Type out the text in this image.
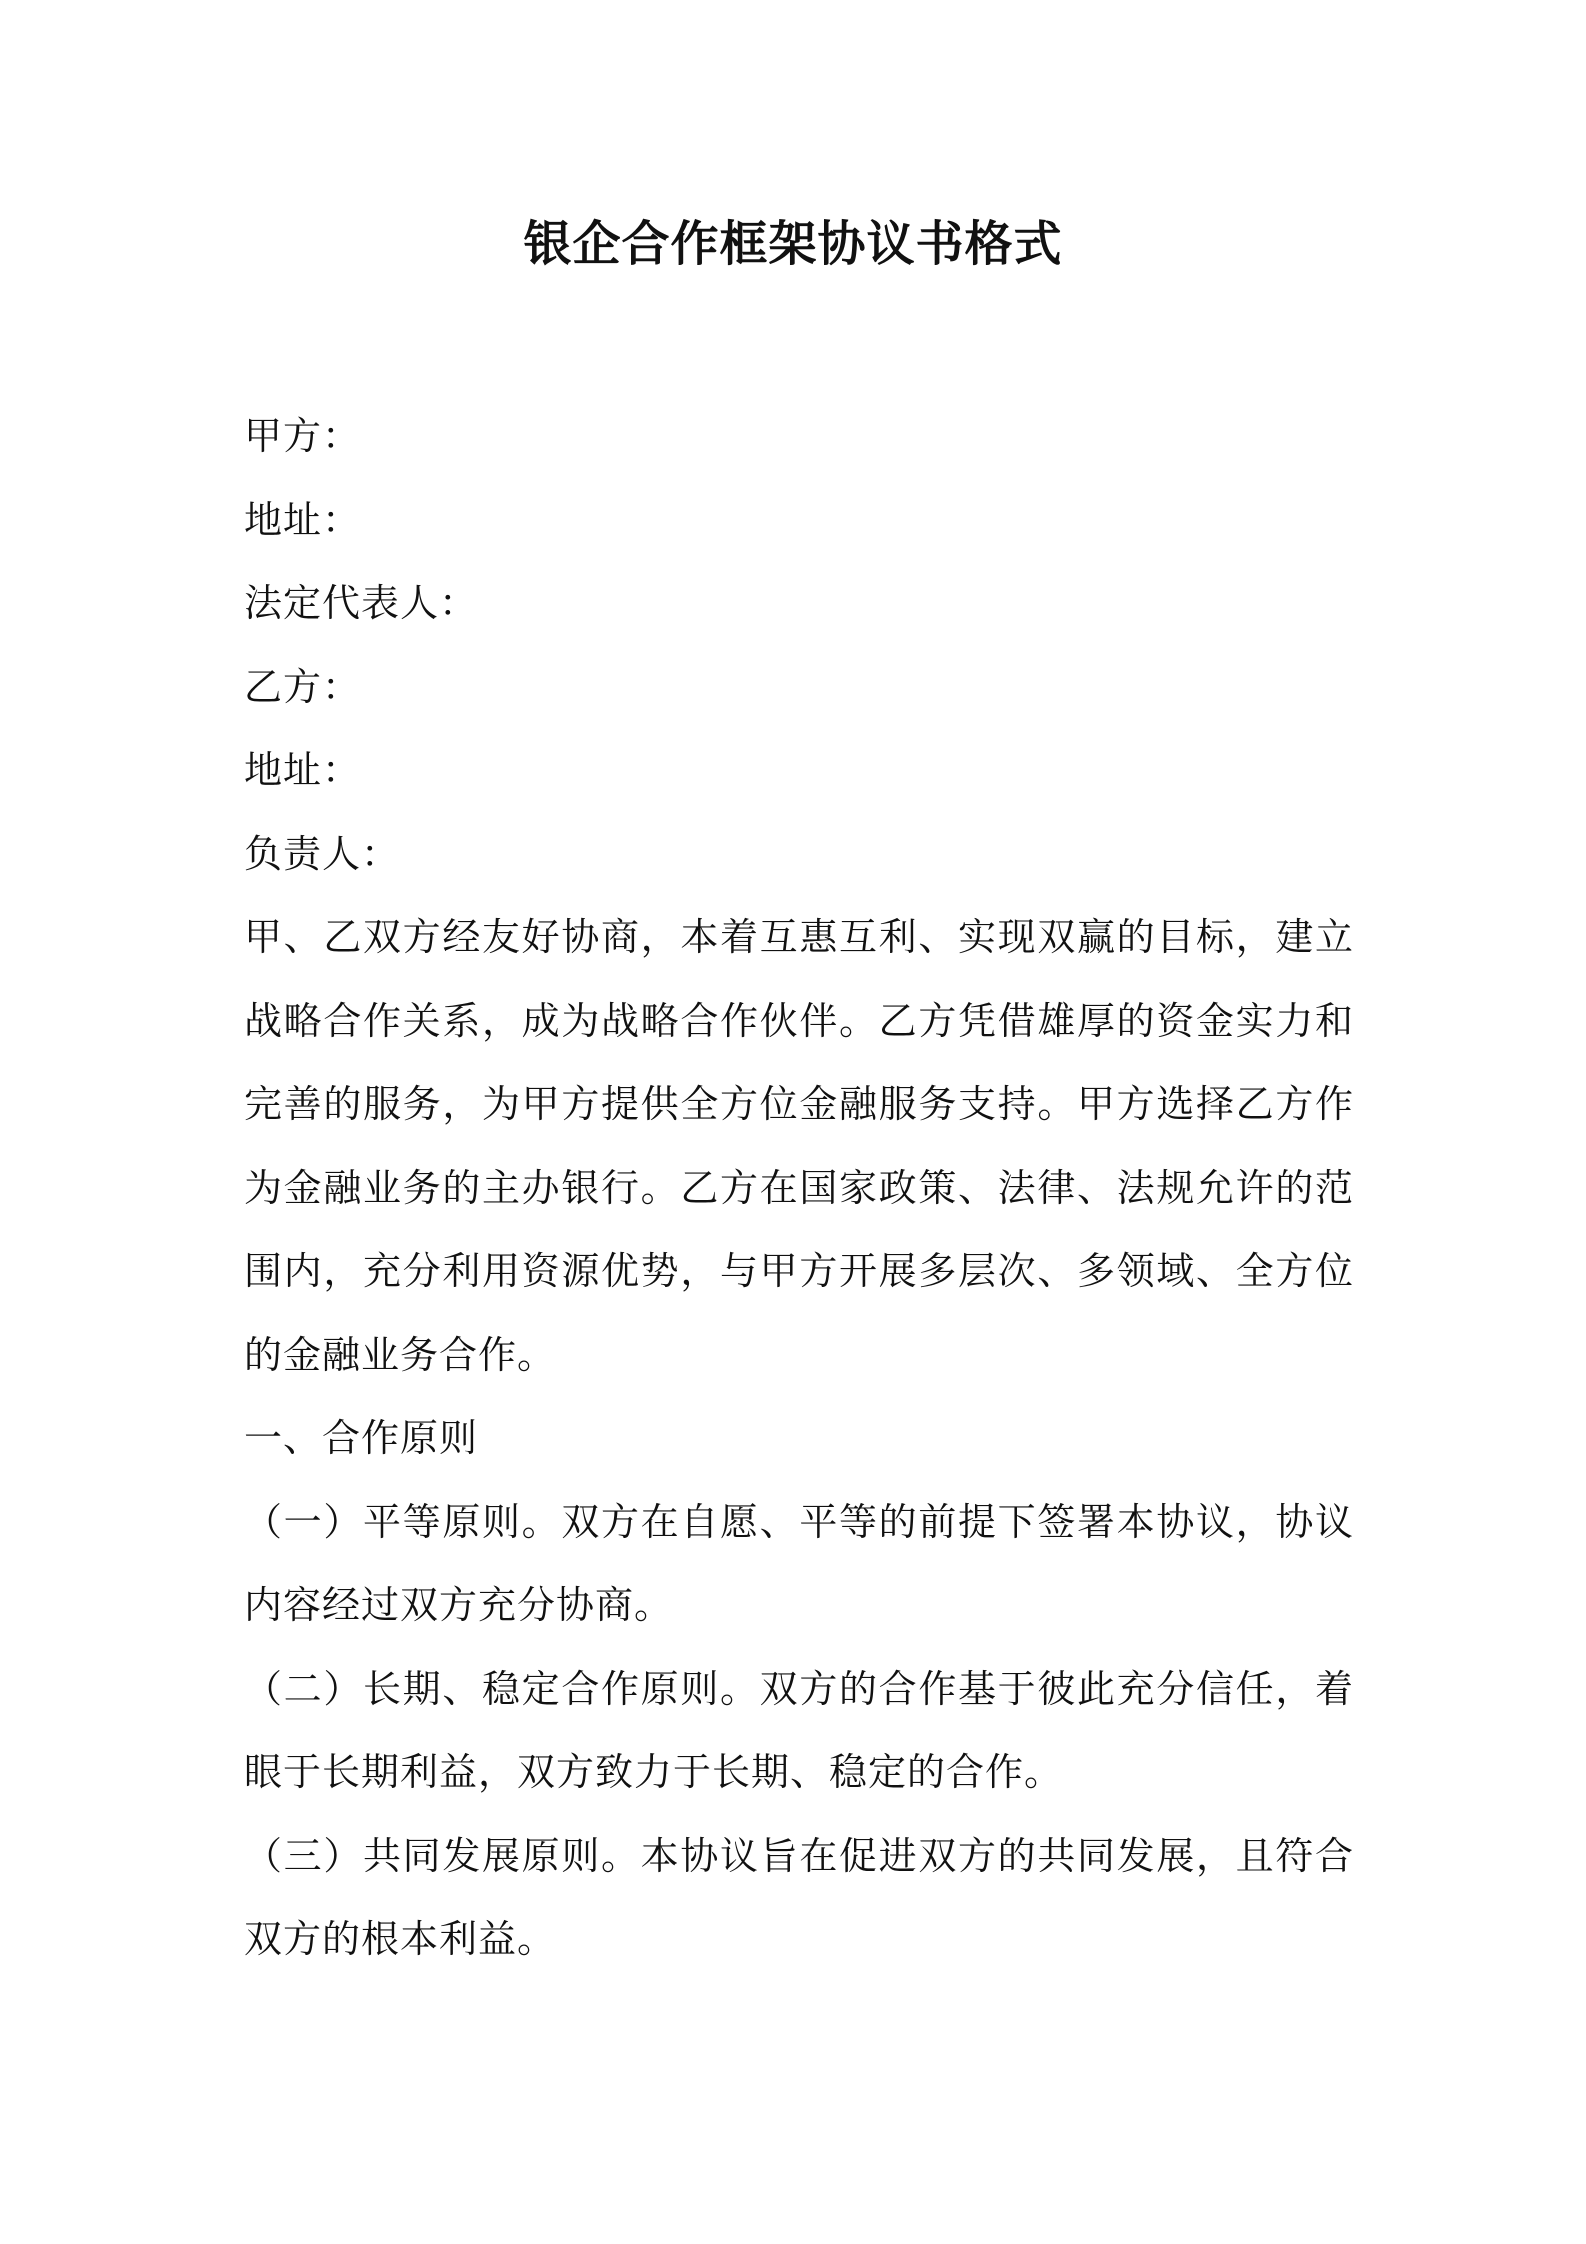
银企合作框架协议书格式
甲方：
地址：
法定代表人：
乙方：
地址：
负责人：

甲、乙双方经友好协商，本着互惠互利、实现双赢的目标，建立战略合作关系，成为战略合作伙伴。乙方凭借雄厚的资金实力和完善的服务，为甲方提供全方位金融服务支持。甲方选择乙方作为金融业务的主办银行。乙方在国家政策、法律、法规允许的范围内，充分利用资源优势，与甲方开展多层次、多领域、全方位的金融业务合作。

一、合作原则

（一）平等原则。双方在自愿、平等的前提下签署本协议，协议内容经过双方充分协商。

（二）长期、稳定合作原则。双方的合作基于彼此充分信任，着眼于长期利益，双方致力于长期、稳定的合作。

（三）共同发展原则。本协议旨在促进双方的共同发展，且符合双方的根本利益。
